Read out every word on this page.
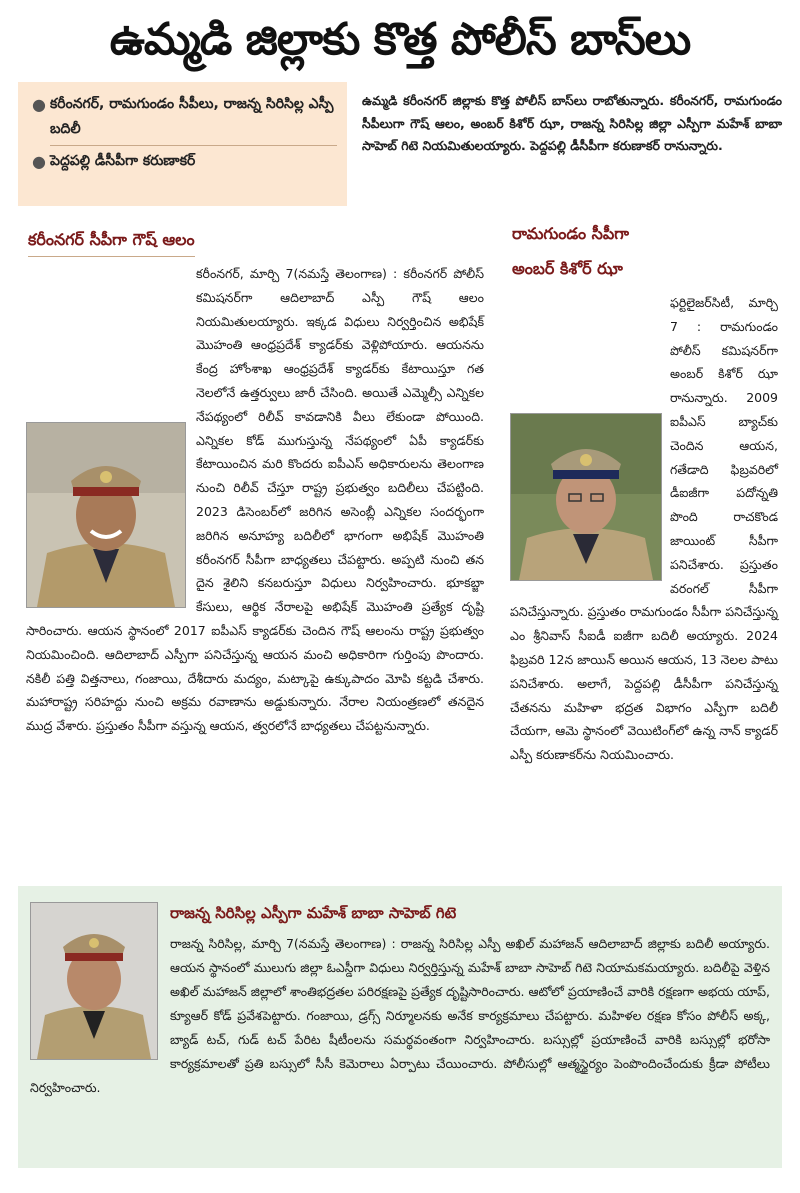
ఉమ్మడి జిల్లాకు కొత్త పోలీస్ బాస్‌లు
● కరీంనగర్, రామగుండం సీపీలు, రాజన్న సిరిసిల్ల ఎస్పీ బదిలీ
● పెద్దపల్లి డీసీపీగా కరుణాకర్
ఉమ్మడి కరీంనగర్ జిల్లాకు కొత్త పోలీస్ బాస్‌లు రాబోతున్నారు. కరీంనగర్, రామగుండం సీపీలుగా గౌష్ ఆలం, అంబర్ కిశోర్ ఝా, రాజన్న సిరిసిల్ల జిల్లా ఎస్పీగా మహేశ్ బాబా సాహెబ్ గిటె నియమితులయ్యారు. పెద్దపల్లి డీసీపీగా కరుణాకర్ రానున్నారు.
కరీంనగర్ సీపీగా గౌష్ ఆలం	రామగుండం సీపీగా
అంబర్ కిశోర్ ఝా
కరీంనగర్, మార్చి 7(నమస్తే తెలంగాణ) : కరీంనగర్ పోలీస్ కమిషనర్‌గా ఆదిలాబాద్ ఎస్పీ గౌష్ ఆలం నియమితులయ్యారు. ఇక్కడ విధులు నిర్వర్తించిన అభిషేక్ మొహంతి ఆంధ్రప్రదేశ్ క్యాడర్‌కు వెళ్లిపోయారు. ఆయనను కేంద్ర హోంశాఖ ఆంధ్రప్రదేశ్ క్యాడర్‌కు కేటాయిస్తూ గత నెలలోనే ఉత్తర్వులు జారీ చేసింది. అయితే ఎమ్మెల్సీ ఎన్నికల నేపథ్యంలో రిలీవ్ కావడానికి వీలు లేకుండా పోయింది. ఎన్నికల కోడ్ ముగుస్తున్న నేపథ్యంలో ఏపీ క్యాడర్‌కు కేటాయించిన మరి కొందరు ఐపీఎస్ అధికారులను తెలంగాణ నుంచి రిలీవ్ చేస్తూ రాష్ట్ర ప్రభుత్వం బదిలీలు చేపట్టింది. 2023 డిసెంబర్‌లో జరిగిన అసెంబ్లీ ఎన్నికల సందర్భంగా జరిగిన అనూహ్య బదిలీలో భాగంగా అభిషేక్ మొహంతి కరీంనగర్ సీపీగా బాధ్యతలు చేపట్టారు. అప్పటి నుంచి తన దైన శైలిని కనబరుస్తూ విధులు నిర్వహించారు. భూకబ్జా కేసులు, ఆర్థిక నేరాలపై అభిషేక్ మొహంతి ప్రత్యేక దృష్టి సారించారు. ఆయన స్థానంలో 2017 ఐపీఎస్ క్యాడర్‌కు చెందిన గౌష్ ఆలంను రాష్ట్ర ప్రభుత్వం నియమించింది. ఆదిలాబాద్ ఎస్పీగా పనిచేస్తున్న ఆయన మంచి అధికారిగా గుర్తింపు పొందారు. నకిలీ పత్తి విత్తనాలు, గంజాయి, దేశీదారు మద్యం, మట్కాపై ఉక్కుపాదం మోపి కట్టడి చేశారు. మహారాష్ట్ర సరిహద్దు నుంచి అక్రమ రవాణాను అడ్డుకున్నారు. నేరాల నియంత్రణలో తనదైన ముద్ర వేశారు. ప్రస్తుతం సీపీగా వస్తున్న ఆయన, త్వరలోనే బాధ్యతలు చేపట్టనున్నారు.
ఫర్టిలైజర్‌సిటీ, మార్చి 7 : రామగుండం పోలీస్ కమిషనర్‌గా అంబర్ కిశోర్ ఝా రానున్నారు. 2009 ఐపీఎస్ బ్యాచ్‌కు చెందిన ఆయన, గతేడాది ఫిబ్రవరిలో డీఐజీగా పదోన్నతి పొంది రాచకొండ జాయింట్ సీపీగా పనిచేశారు. ప్రస్తుతం వరంగల్ సీపీగా పనిచేస్తున్నారు. ప్రస్తుతం రామగుండం సీపీగా పనిచేస్తున్న ఎం శ్రీనివాస్ సీఐడీ ఐజీగా బదిలీ అయ్యారు. 2024 ఫిబ్రవరి 12న జాయిన్ అయిన ఆయన, 13 నెలల పాటు పనిచేశారు. అలాగే, పెద్దపల్లి డీసీపీగా పనిచేస్తున్న చేతనను మహిళా భద్రత విభాగం ఎస్పీగా బదిలీ చేయగా, ఆమె స్థానంలో వెయిటింగ్‌లో ఉన్న నాన్ క్యాడర్ ఎస్పీ కరుణాకర్‌ను నియమించారు.
రాజన్న సిరిసిల్ల ఎస్పీగా మహేశ్ బాబా సాహెబ్ గిటె
రాజన్న సిరిసిల్ల, మార్చి 7(నమస్తే తెలంగాణ) : రాజన్న సిరిసిల్ల ఎస్పీ అఖిల్ మహాజన్ ఆదిలాబాద్ జిల్లాకు బదిలీ అయ్యారు. ఆయన స్థానంలో ములుగు జిల్లా ఓఎస్డీగా విధులు నిర్వర్తిస్తున్న మహేశ్ బాబా సాహెబ్ గిటె నియామకమయ్యారు. బదిలీపై వెళ్తిన అఖిల్ మహాజన్ జిల్లాలో శాంతిభద్రతల పరిరక్షణపై ప్రత్యేక దృష్టిసారించారు. ఆటోలో ప్రయాణించే వారికి రక్షణగా అభయ యాప్, క్యూఆర్ కోడ్ ప్రవేశపెట్టారు. గంజాయి, డ్రగ్స్ నిర్మూలనకు అనేక కార్యక్రమాలు చేపట్టారు. మహిళల రక్షణ కోసం పోలీస్ అక్క, బ్యాడ్ టచ్, గుడ్ టచ్ పేరిట షీటీంలను సమర్థవంతంగా నిర్వహించారు. బస్సుల్లో ప్రయాణించే వారికి బస్సుల్లో భరోసా కార్యక్రమాలతో ప్రతి బస్సులో సీసీ కెమెరాలు ఏర్పాటు చేయించారు. పోలీసుల్లో ఆత్మస్థైర్యం పెంపొందించేందుకు క్రీడా పోటీలు నిర్వహించారు.
